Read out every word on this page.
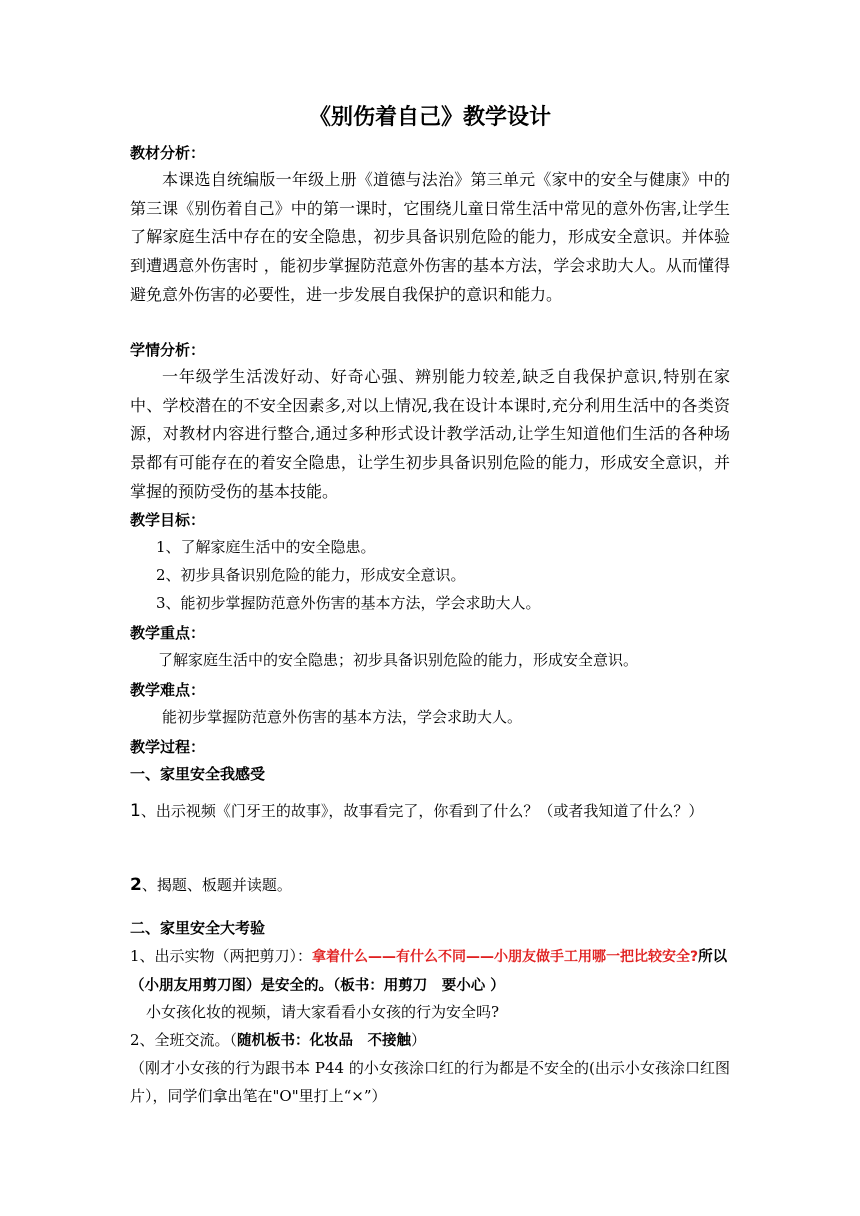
《别伤着自己》教学设计
教材分析：
本课选自统编版一年级上册《道德与法治》第三单元《家中的安全与健康》中的第三课《别伤着自己》中的第一课时，它围绕儿童日常生活中常见的意外伤害,让学生了解家庭生活中存在的安全隐患，初步具备识别危险的能力，形成安全意识。并体验到遭遇意外伤害时 ，能初步掌握防范意外伤害的基本方法，学会求助大人。从而懂得避免意外伤害的必要性，进一步发展自我保护的意识和能力。
学情分析：
一年级学生活泼好动、好奇心强、辨别能力较差,缺乏自我保护意识,特别在家中、学校潜在的不安全因素多,对以上情况,我在设计本课时,充分利用生活中的各类资源，对教材内容进行整合,通过多种形式设计教学活动,让学生知道他们生活的各种场景都有可能存在的着安全隐患，让学生初步具备识别危险的能力，形成安全意识，并掌握的预防受伤的基本技能。
教学目标：
1、了解家庭生活中的安全隐患。
2、初步具备识别危险的能力，形成安全意识。
3、能初步掌握防范意外伤害的基本方法，学会求助大人。
教学重点：
了解家庭生活中的安全隐患；初步具备识别危险的能力，形成安全意识。
教学难点：
能初步掌握防范意外伤害的基本方法，学会求助大人。
教学过程：
一、家里安全我感受
1、出示视频《门牙王的故事》，故事看完了，你看到了什么？（或者我知道了什么？）
2、揭题、板题并读题。
二、家里安全大考验
1、出示实物（两把剪刀）：拿着什么——有什么不同——小朋友做手工用哪一把比较安全?所以（小朋友用剪刀图）是安全的。（板书：用剪刀　要小心 ）
小女孩化妆的视频，请大家看看小女孩的行为安全吗?
2、全班交流。（随机板书：化妆品　不接触）
（刚才小女孩的行为跟书本 P44 的小女孩涂口红的行为都是不安全的(出示小女孩涂口红图片），同学们拿出笔在"O"里打上“×”）
